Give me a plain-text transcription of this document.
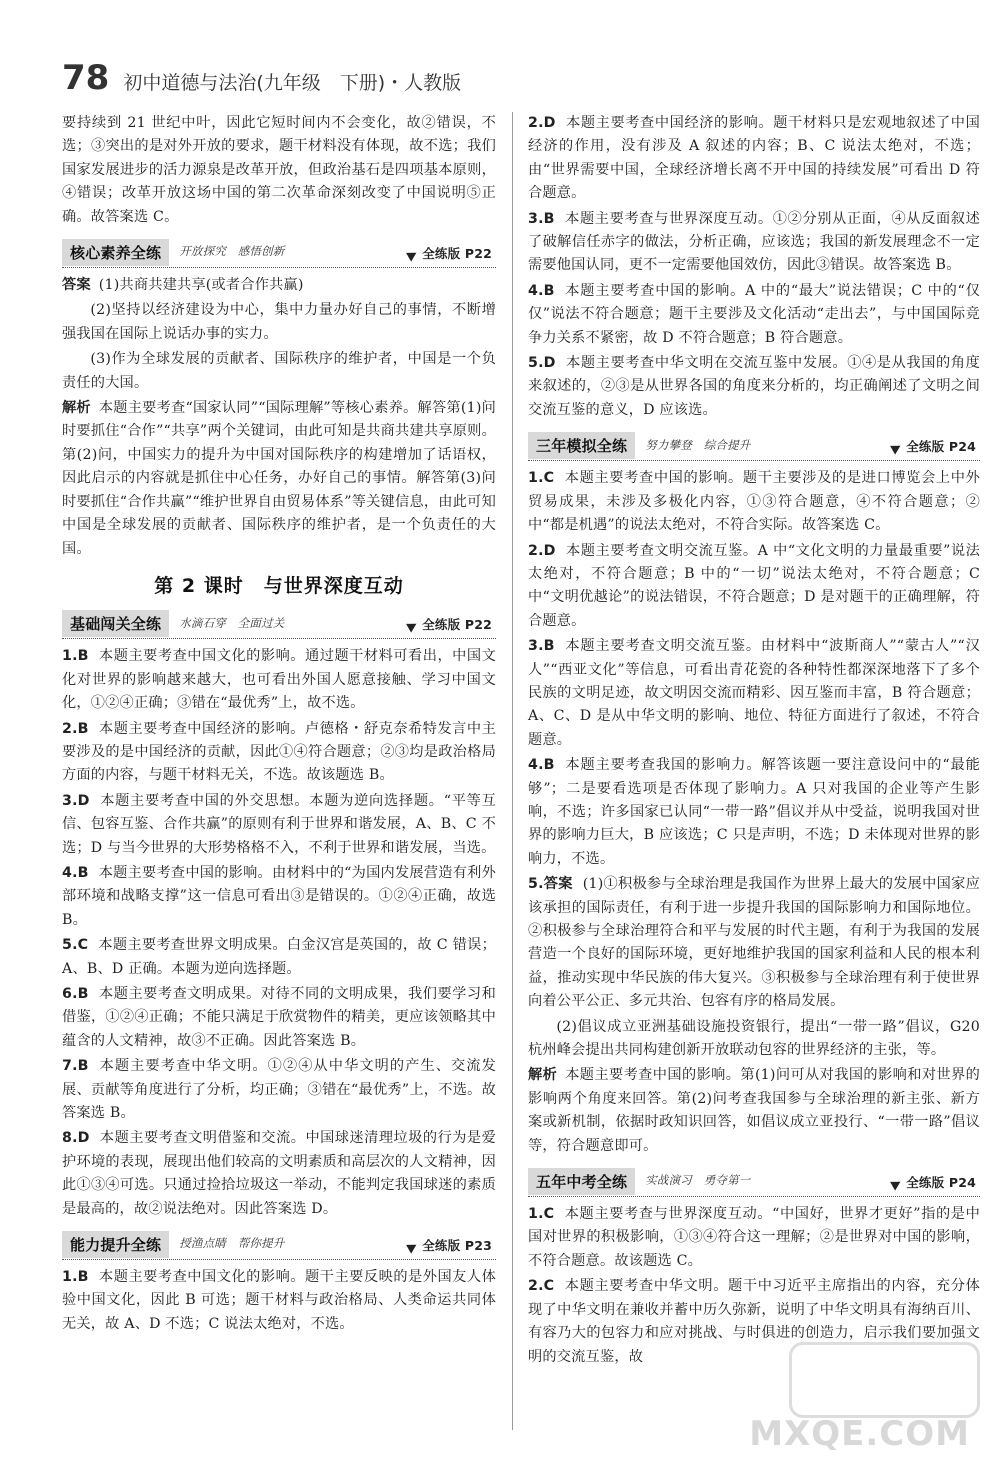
78 初中道德与法治(九年级　下册)・人教版
要持续到 21 世纪中叶，因此它短时间内不会变化，故②错误，不选；③突出的是对外开放的要求，题干材料没有体现，故不选；我们国家发展进步的活力源泉是改革开放，但政治基石是四项基本原则，④错误；改革开放这场中国的第二次革命深刻改变了中国说明⑤正确。故答案选 C。
核心素养全练	开放探究　感悟创新	全练版 P22
答案 (1)共商共建共享(或者合作共赢)
(2)坚持以经济建设为中心，集中力量办好自己的事情，不断增强我国在国际上说话办事的实力。
(3)作为全球发展的贡献者、国际秩序的维护者，中国是一个负责任的大国。
解析 本题主要考查“国家认同”“国际理解”等核心素养。解答第(1)问时要抓住“合作”“共享”两个关键词，由此可知是共商共建共享原则。第(2)问，中国实力的提升为中国对国际秩序的构建增加了话语权，因此启示的内容就是抓住中心任务，办好自己的事情。解答第(3)问时要抓住“合作共赢”“维护世界自由贸易体系”等关键信息，由此可知中国是全球发展的贡献者、国际秩序的维护者，是一个负责任的大国。
第 2 课时　与世界深度互动
基础闯关全练	水滴石穿　全面过关	全练版 P22
1.B 本题主要考查中国文化的影响。通过题干材料可看出，中国文化对世界的影响越来越大，也可看出外国人愿意接触、学习中国文化，①②④正确；③错在“最优秀”上，故不选。
2.B 本题主要考查中国经济的影响。卢德格・舒克奈希特发言中主要涉及的是中国经济的贡献，因此①④符合题意；②③均是政治格局方面的内容，与题干材料无关，不选。故该题选 B。
3.D 本题主要考查中国的外交思想。本题为逆向选择题。“平等互信、包容互鉴、合作共赢”的原则有利于世界和谐发展，A、B、C 不选；D 与当今世界的大形势格格不入，不利于世界和谐发展，当选。
4.B 本题主要考查中国的影响。由材料中的“为国内发展营造有利外部环境和战略支撑”这一信息可看出③是错误的。①②④正确，故选 B。
5.C 本题主要考查世界文明成果。白金汉宫是英国的，故 C 错误；A、B、D 正确。本题为逆向选择题。
6.B 本题主要考查文明成果。对待不同的文明成果，我们要学习和借鉴，①②④正确；不能只满足于欣赏物件的精美，更应该领略其中蕴含的人文精神，故③不正确。因此答案选 B。
7.B 本题主要考查中华文明。①②④从中华文明的产生、交流发展、贡献等角度进行了分析，均正确；③错在“最优秀”上，不选。故答案选 B。
8.D 本题主要考查文明借鉴和交流。中国球迷清理垃圾的行为是爱护环境的表现，展现出他们较高的文明素质和高层次的人文精神，因此①③④可选。只通过捡拾垃圾这一举动，不能判定我国球迷的素质是最高的，故②说法绝对。因此答案选 D。
能力提升全练	授渔点睛　帮你提升	全练版 P23
1.B 本题主要考查中国文化的影响。题干主要反映的是外国友人体验中国文化，因此 B 可选；题干材料与政治格局、人类命运共同体无关，故 A、D 不选；C 说法太绝对，不选。
2.D 本题主要考查中国经济的影响。题干材料只是宏观地叙述了中国经济的作用，没有涉及 A 叙述的内容；B、C 说法太绝对，不选；由“世界需要中国，全球经济增长离不开中国的持续发展”可看出 D 符合题意。
3.B 本题主要考查与世界深度互动。①②分别从正面，④从反面叙述了破解信任赤字的做法，分析正确，应该选；我国的新发展理念不一定需要他国认同，更不一定需要他国效仿，因此③错误。故答案选 B。
4.B 本题主要考查中国的影响。A 中的“最大”说法错误；C 中的“仅仅”说法不符合题意；题干主要涉及文化活动“走出去”，与中国国际竞争力关系不紧密，故 D 不符合题意；B 符合题意。
5.D 本题主要考查中华文明在交流互鉴中发展。①④是从我国的角度来叙述的，②③是从世界各国的角度来分析的，均正确阐述了文明之间交流互鉴的意义，D 应该选。
三年模拟全练	努力攀登　综合提升	全练版 P24
1.C 本题主要考查中国的影响。题干主要涉及的是进口博览会上中外贸易成果，未涉及多极化内容，①③符合题意，④不符合题意；②中“都是机遇”的说法太绝对，不符合实际。故答案选 C。
2.D 本题主要考查文明交流互鉴。A 中“文化文明的力量最重要”说法太绝对，不符合题意；B 中的“一切”说法太绝对，不符合题意；C 中“文明优越论”的说法错误，不符合题意；D 是对题干的正确理解，符合题意。
3.B 本题主要考查文明交流互鉴。由材料中“波斯商人”“蒙古人”“汉人”“西亚文化”等信息，可看出青花瓷的各种特性都深深地落下了多个民族的文明足迹，故文明因交流而精彩、因互鉴而丰富，B 符合题意；A、C、D 是从中华文明的影响、地位、特征方面进行了叙述，不符合题意。
4.B 本题主要考查我国的影响力。解答该题一要注意设问中的“最能够”；二是要看选项是否体现了影响力。A 只对我国的企业等产生影响，不选；许多国家已认同“一带一路”倡议并从中受益，说明我国对世界的影响力巨大，B 应该选；C 只是声明，不选；D 未体现对世界的影响力，不选。
5.答案 (1)①积极参与全球治理是我国作为世界上最大的发展中国家应该承担的国际责任，有利于进一步提升我国的国际影响力和国际地位。②积极参与全球治理符合和平与发展的时代主题，有利于为我国的发展营造一个良好的国际环境，更好地维护我国的国家利益和人民的根本利益，推动实现中华民族的伟大复兴。③积极参与全球治理有利于使世界向着公平公正、多元共治、包容有序的格局发展。
(2)倡议成立亚洲基础设施投资银行，提出“一带一路”倡议，G20 杭州峰会提出共同构建创新开放联动包容的世界经济的主张，等。
解析 本题主要考查中国的影响。第(1)问可从对我国的影响和对世界的影响两个角度来回答。第(2)问考查我国参与全球治理的新主张、新方案或新机制，依据时政知识回答，如倡议成立亚投行、“一带一路”倡议等，符合题意即可。
五年中考全练	实战演习　勇夺第一	全练版 P24
1.C 本题主要考查与世界深度互动。“中国好，世界才更好”指的是中国对世界的积极影响，①③④符合这一理解；②是世界对中国的影响，不符合题意。故该题选 C。
2.C 本题主要考查中华文明。题干中习近平主席指出的内容，充分体现了中华文明在兼收并蓄中历久弥新，说明了中华文明具有海纳百川、有容乃大的包容力和应对挑战、与时俱进的创造力，启示我们要加强文明的交流互鉴，故
MXQE.COM
